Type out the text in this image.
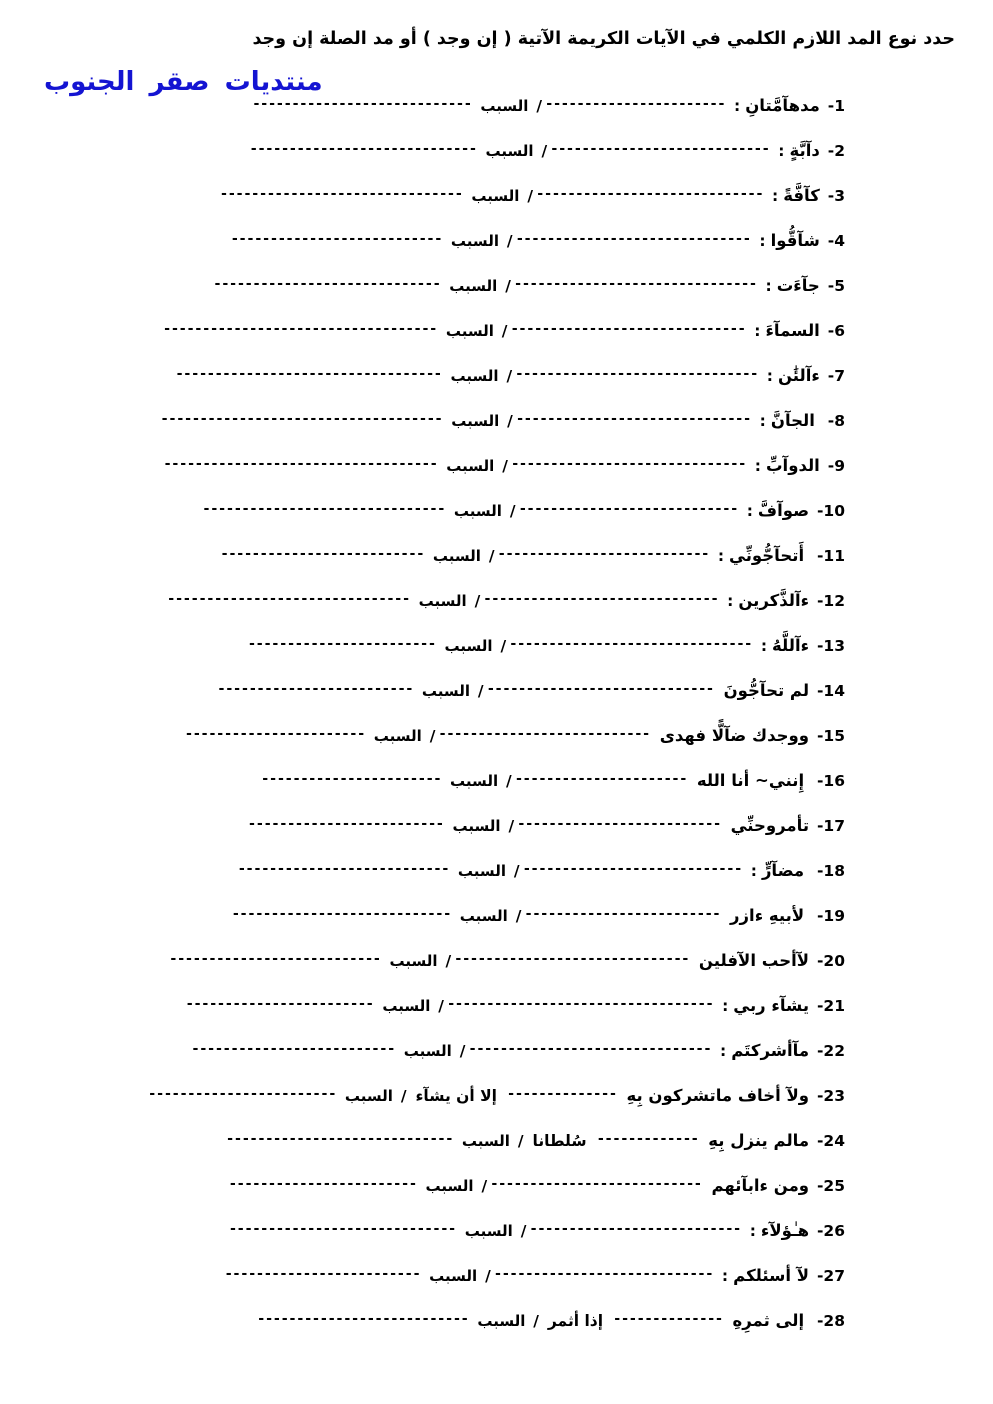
حدد نوع المد اللازم الكلمي في الآيات الكريمة الآتية ( إن وجد ) أو مد الصلة إن وجد
منتديات صقر الجنوب
1- مدهآمَّتانِ: -----------------------/ السبب ----------------------------
2- دآبَّةٍ: ----------------------------/ السبب -----------------------------
3- كآفَّةً: -----------------------------/ السبب -------------------------------
4- شآقُّوا: ------------------------------/ السبب ---------------------------
5- جآءَت: -------------------------------/ السبب -----------------------------
6- السمآءَ: ------------------------------/ السبب -----------------------------------
7- ءآلئَٰن: -------------------------------/ السبب ----------------------------------
8-  الجآنَّ: ------------------------------/ السبب ------------------------------------
9- الدوآبِّ: ------------------------------/ السبب -----------------------------------
10- صوآفَّ: ----------------------------/ السبب -------------------------------
11-  أَتحآجُّونِّي: ---------------------------/ السبب --------------------------
12- ءآلذَّكرين: ------------------------------/ السبب -------------------------------
13- ءآللَّهُ: -------------------------------/ السبب ------------------------
14- لم تحآجُّونَ -----------------------------/ السبب -------------------------
15- ووجدك ضآلًّا فهدى ---------------------------/ السبب -----------------------
16-  إِنني~ أنا الله ----------------------/ السبب -----------------------
17- تأمروحنِّي --------------------------/ السبب -------------------------
18-  مضآرٍّ: ----------------------------/ السبب ---------------------------
19-  لأبيهِ ءازر -------------------------/ السبب ----------------------------
20- لآأحب الآفلين ------------------------------/ السبب ---------------------------
21- يشآء ربي: ----------------------------------/ السبب ------------------------
22- مآأشركتَم: -------------------------------/ السبب --------------------------
23- ولآ أخاف ماتشركون بِهِ -------------- إلا أن يشآء / السبب ------------------------
24- مالم ينزل بِهِ ------------- سُلطانا / السبب -----------------------------
25- ومن ءابآئهم ---------------------------/ السبب ------------------------
26- هـٰؤلآء: ---------------------------/ السبب -----------------------------
27- لآ أسئلكم: ----------------------------/ السبب -------------------------
28-  إلى ثمرِهِ -------------- إذا أثمر / السبب ---------------------------
